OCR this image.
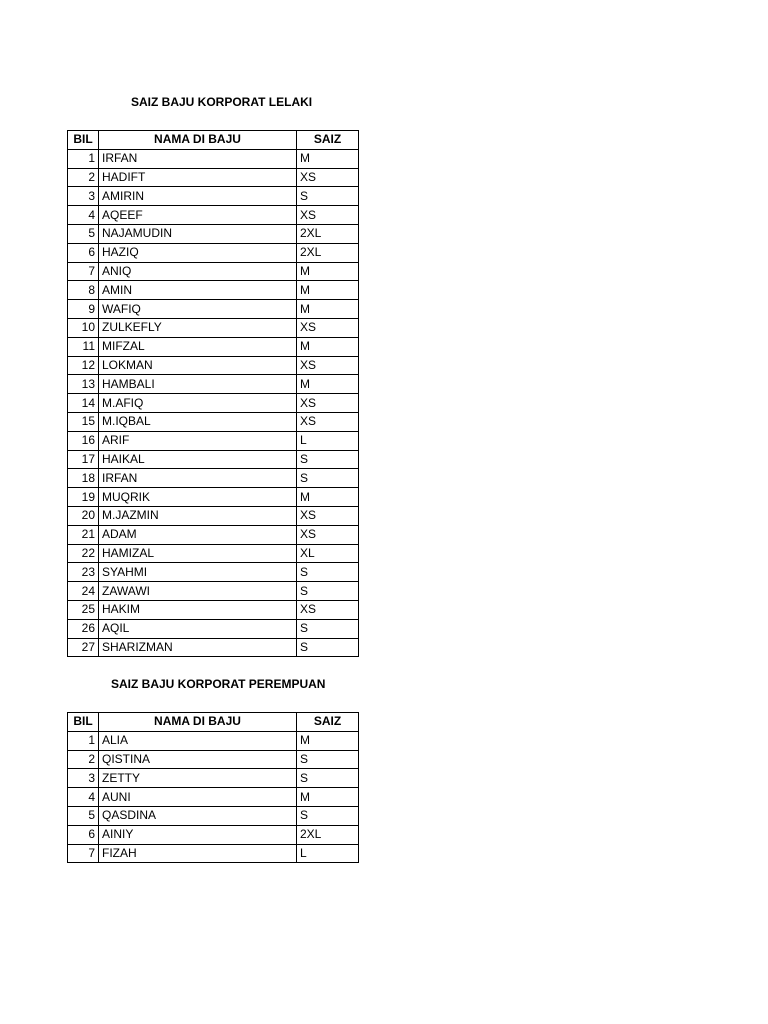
SAIZ BAJU KORPORAT LELAKI
BIL	NAMA DI BAJU	SAIZ
1	IRFAN	M
2	HADIFT	XS
3	AMIRIN	S
4	AQEEF	XS
5	NAJAMUDIN	2XL
6	HAZIQ	2XL
7	ANIQ	M
8	AMIN	M
9	WAFIQ	M
10	ZULKEFLY	XS
11	MIFZAL	M
12	LOKMAN	XS
13	HAMBALI	M
14	M.AFIQ	XS
15	M.IQBAL	XS
16	ARIF	L
17	HAIKAL	S
18	IRFAN	S
19	MUQRIK	M
20	M.JAZMIN	XS
21	ADAM	XS
22	HAMIZAL	XL
23	SYAHMI	S
24	ZAWAWI	S
25	HAKIM	XS
26	AQIL	S
27	SHARIZMAN	S
SAIZ BAJU KORPORAT PEREMPUAN
BIL	NAMA DI BAJU	SAIZ
1	ALIA	M
2	QISTINA	S
3	ZETTY	S
4	AUNI	M
5	QASDINA	S
6	AINIY	2XL
7	FIZAH	L
